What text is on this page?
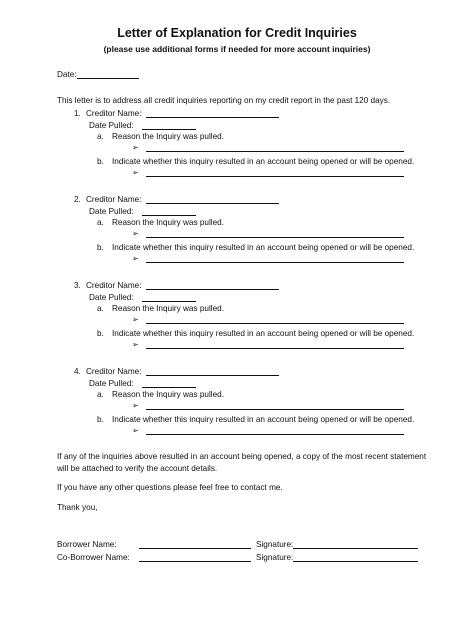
Letter of Explanation for Credit Inquiries
(please use additional forms if needed for more account inquiries)
Date:
This letter is to address all credit inquiries reporting on my credit report in the past 120 days.
1. Creditor Name:
Date Pulled:
a. Reason the Inquiry was pulled.
➢
b. Indicate whether this inquiry resulted in an account being opened or will be opened.
➢
2. Creditor Name:
Date Pulled:
a. Reason the Inquiry was pulled.
➢
b. Indicate whether this inquiry resulted in an account being opened or will be opened.
➢
3. Creditor Name:
Date Pulled:
a. Reason the Inquiry was pulled.
➢
b. Indicate whether this inquiry resulted in an account being opened or will be opened.
➢
4. Creditor Name:
Date Pulled:
a. Reason the Inquiry was pulled.
➢
b. Indicate whether this inquiry resulted in an account being opened or will be opened.
➢
If any of the inquiries above resulted in an account being opened, a copy of the most recent statement
will be attached to verify the account details.
If you have any other questions please feel free to contact me.
Thank you,
Borrower Name:	Signature:
Co-Borrower Name:	Signature:
